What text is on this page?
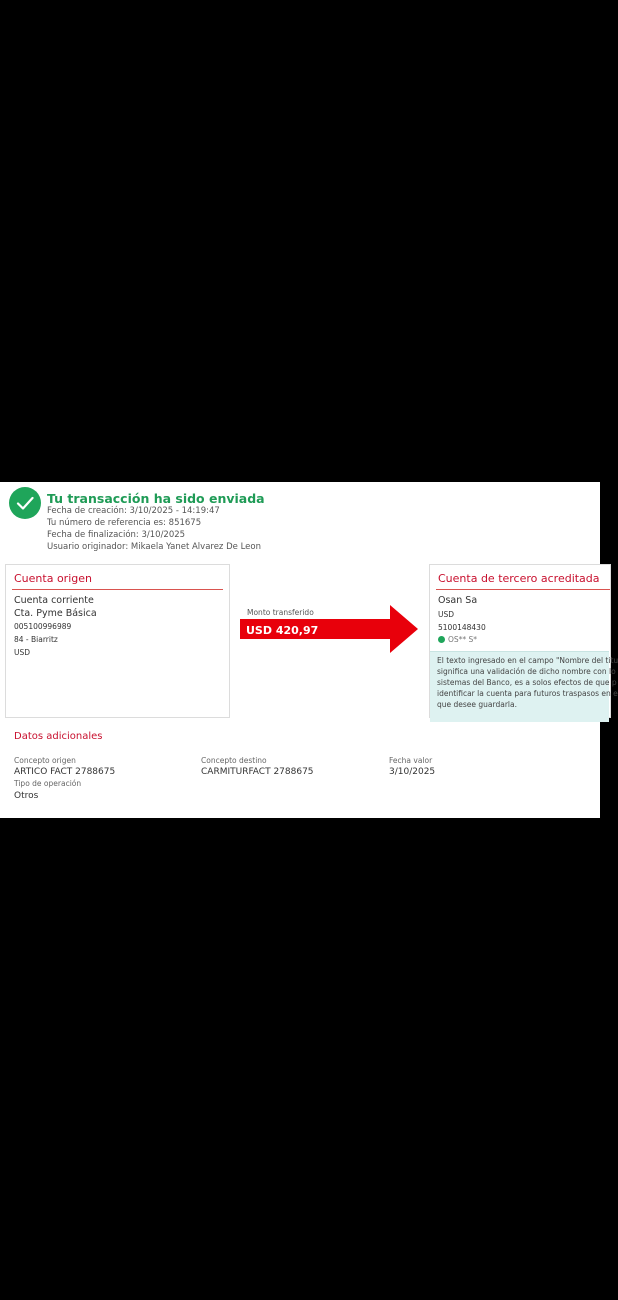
Tu transacción ha sido enviada
Fecha de creación: 3/10/2025 - 14:19:47
Tu número de referencia es: 851675
Fecha de finalización: 3/10/2025
Usuario originador: Mikaela Yanet Alvarez De Leon
Cuenta origen
Cuenta corriente
Cta. Pyme Básica
005100996989
84 - Biarritz
USD
Monto transferido
USD 420,97
Cuenta de tercero acreditada
Osan Sa
USD
5100148430
OS** S*
El texto ingresado en el campo "Nombre del titu
significa una validación de dicho nombre con lo
sistemas del Banco, es a solos efectos de que p
identificar la cuenta para futuros traspasos en e
que desee guardarla.
Datos adicionales
Concepto origen
ARTICO FACT 2788675
Concepto destino
CARMITURFACT 2788675
Fecha valor
3/10/2025
Tipo de operación
Otros
